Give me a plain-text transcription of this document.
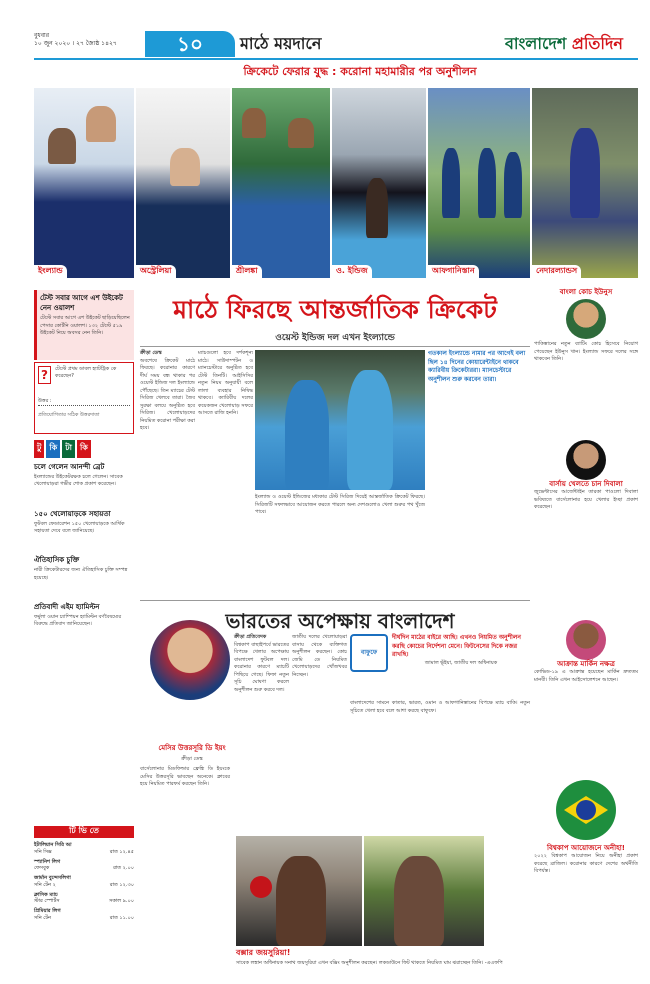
বুধবার
১০ জুন ২০২০ । ২৭ জ্যৈষ্ঠ ১৪২৭	১০	মাঠে ময়দানে	বাংলাদেশ প্রতিদিন
ক্রিকেটে ফেরার যুদ্ধ : করোনা মহামারীর পর অনুশীলন
ইংল্যান্ড	অস্ট্রেলিয়া	শ্রীলঙ্কা	ও. ইন্ডিজ	আফগানিস্তান	নেদারল্যান্ডস
টেস্ট সবার আগে এশ উইকেট নেন ওয়ালশ
টেস্টে সবার আগে এশ উইকেট ছাড়িয়েছিলেন পেসার কোর্টনি ওয়ালশ। ১৩২ টেস্টে ৫১৯ উইকেট নিয়ে অবসর নেন তিনি।
?	টেস্টে প্রথম ডাবল হ্যাটট্রিক কে করেছেন?
উত্তর :
প্রতিযোগিতার সঠিক উত্তরদাতা
টু	কি	টা	কি
চলে গেলেন আনন্দী ব্রেট
ইংল্যান্ডের উইকেটরক্ষক চলে গেলেন। সাবেক খেলোয়াড়রা গভীর শোক প্রকাশ করেছেন।
১৫০ খেলোয়াড়কে সহায়তা
ফুটবল ফেডারেশন ১৫০ খেলোয়াড়কে আর্থিক সহায়তা দেবে বলে জানিয়েছে।
ঐতিহাসিক চুক্তি
নারী ক্রিকেটারদের জন্য ঐতিহাসিক চুক্তি সম্পন্ন হয়েছে।
প্রতিবাদী এইম হ্যামিল্টন
ফর্মুলা ওয়ান চ্যাম্পিয়ন হ্যামিল্টন বর্ণবৈষম্যের বিরুদ্ধে প্রতিবাদ জানিয়েছেন।
মাঠে ফিরছে আন্তর্জাতিক ক্রিকেট
ওয়েস্ট ইন্ডিজ দল এখন ইংল্যান্ডে
ক্রীড়া ডেস্ক
অবশেষে ক্রিকেট মাঠে ফিরছে। করোনার কারণে দীর্ঘ সময় বন্ধ থাকার পর ওয়েস্ট ইন্ডিজ দল ইংল্যান্ডে পৌঁছেছে। তিন ম্যাচের টেস্ট সিরিজ খেলবে তারা। জৈব সুরক্ষা বলয়ে অনুষ্ঠিত হবে সিরিজ। খেলোয়াড়দের নিয়মিত করোনা পরীক্ষা করা হবে।
ম্যাচগুলো হবে দর্শকশূন্য মাঠে। সাউদাম্পটন ও ম্যানচেস্টারে অনুষ্ঠিত হবে টেস্ট তিনটি। আইসিসির নতুন নিয়ম অনুযায়ী বলে লালা ব্যবহার নিষিদ্ধ থাকবে। ক্যারিবীয় দলের কয়েকজন খেলোয়াড় সফরে আসতে রাজি হননি।
ইংল্যান্ড ও ওয়েস্ট ইন্ডিজের মধ্যকার টেস্ট সিরিজ দিয়েই আন্তর্জাতিক ক্রিকেট ফিরছে। সিরিজটি সফলভাবে আয়োজন করতে পারলে অন্য দেশগুলোও খেলা শুরুর পথ খুঁজে পাবে।
গতকাল ইংল্যান্ডে নামার পর আগেই বলা ছিল ১৪ দিনের কোয়ারেন্টাইনে থাকবে ক্যারিবীয় ক্রিকেটাররা। ম্যানচেস্টারে অনুশীলন শুরু করবেন তারা।
বাংলা কোচ ইউনুস
পাকিস্তানের নতুন ব্যাটিং কোচ হিসেবে নিয়োগ পেয়েছেন ইউনুস খান। ইংল্যান্ড সফরে দলের সঙ্গে থাকবেন তিনি।
বার্সায় খেলতে চান দিবালা
জুভেন্টাসের আর্জেন্টাইন তারকা পাওলো দিবালা ভবিষ্যতে বার্সেলোনার হয়ে খেলার ইচ্ছা প্রকাশ করেছেন।
আক্রান্ত মার্কিন নক্ষত্র
কোভিড-১৯ এ আক্রান্ত হয়েছেন মার্কিন দ্রুততম মানবী। তিনি এখন আইসোলেশনে আছেন।
বিশ্বকাপ আয়োজনে অনীহা!
২০২২ বিশ্বকাপ আয়োজন নিয়ে অনীহা প্রকাশ করেছে ব্রাজিল। করোনার কারণে দেশের অর্থনীতি বিপর্যস্ত।
ভারতের অপেক্ষায় বাংলাদেশ
মেসির উত্তরসূরি ডি ইয়ং
ক্রীড়া ডেস্ক
বার্সেলোনার মিডফিল্ডার ফ্রেঙ্কি ডি ইয়ংকে মেসির উত্তরসূরি ভাবছেন অনেকে। ক্লাবের হয়ে নিয়মিত পারফর্ম করছেন তিনি।
ক্রীড়া প্রতিবেদক
বিশ্বকাপ বাছাইপর্বে ভারতের বিপক্ষে খেলার অপেক্ষায় বাংলাদেশ ফুটবল দল। করোনার কারণে ম্যাচটি পিছিয়ে গেছে। ফিফা নতুন সূচি ঘোষণা করলে অনুশীলন শুরু করবে দল।
জাতীয় দলের খেলোয়াড়রা বাসায় থেকে ব্যক্তিগত অনুশীলন করছেন। কোচ জেমি ডে নিয়মিত খেলোয়াড়দের খোঁজখবর নিচ্ছেন।
বাফুফে
দীর্ঘদিন মাঠের বাইরে আছি। এখনও নিয়মিত অনুশীলন করছি কোচের নির্দেশনা মেনে। ফিটনেসের দিকে নজর রাখছি।
জামাল ভূঁইয়া, জাতীয় দল অধিনায়ক
বাংলাদেশের সামনে কাতার, ভারত, ওমান ও আফগানিস্তানের বিপক্ষে ম্যাচ বাকি। নতুন সূচিতে খেলা হবে বলে আশা করছে বাফুফে।
টি ভি তে
ইটালিয়ান সিরি আ
সনি সিক্স	রাত ১২.৪৫
স্প্যানিশ লিগ
ফেসবুক	রাত ২.০০
জার্মান বুন্দেসলিগা
সনি টেন ২	রাত ১২.৩০
ক্লাসিক ম্যাচ
স্টার স্পোর্টস	সকাল ৯.০০
প্রিমিয়ার লিগ
সনি টেন	রাত ১১.০০
বক্সার জয়সুরিয়া!
সাবেক লঙ্কান অধিনায়ক সনাথ জয়সুরিয়া এখন বক্সিং অনুশীলন করছেন। লকডাউনে ফিট থাকতে নিয়মিত ঘাম ঝরাচ্ছেন তিনি। -এএফপি
